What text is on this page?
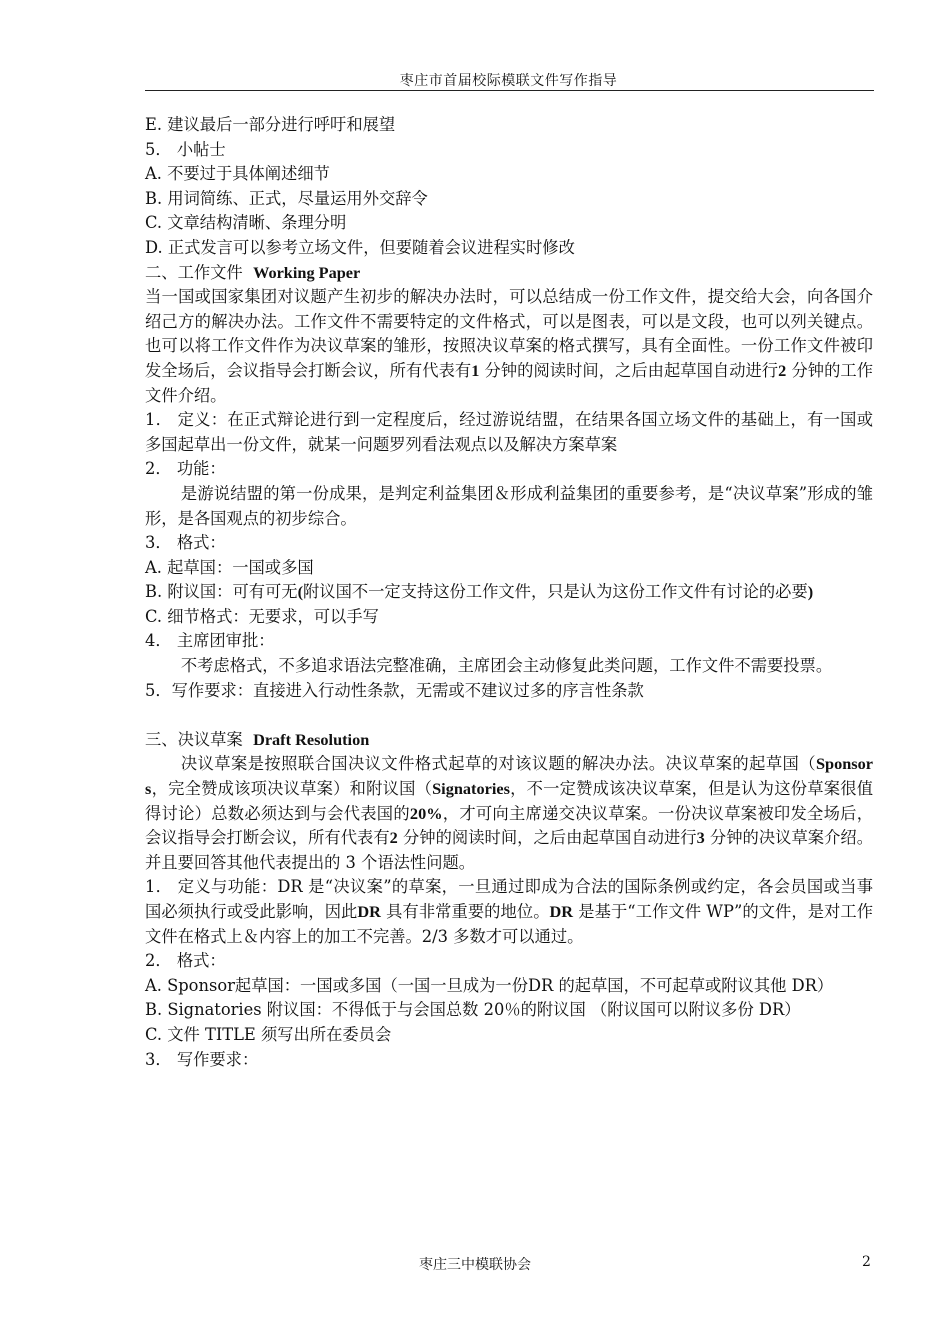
枣庄市首届校际模联文件写作指导

E. 建议最后一部分进行呼吁和展望

5． 小帖士

A. 不要过于具体阐述细节

B. 用词简练、正式，尽量运用外交辞令

C. 文章结构清晰、条理分明

D. 正式发言可以参考立场文件，但要随着会议进程实时修改

二、工作文件 Working Paper

当一国或国家集团对议题产生初步的解决办法时，可以总结成一份工作文件，提交给大会，向各国介绍己方的解决办法。工作文件不需要特定的文件格式，可以是图表，可以是文段，也可以列关键点。也可以将工作文件作为决议草案的雏形，按照决议草案的格式撰写，具有全面性。一份工作文件被印发全场后，会议指导会打断会议，所有代表有1 分钟的阅读时间，之后由起草国自动进行2 分钟的工作文件介绍。

1． 定义：在正式辩论进行到一定程度后，经过游说结盟，在结果各国立场文件的基础上，有一国或多国起草出一份文件，就某一问题罗列看法观点以及解决方案草案

2． 功能：

是游说结盟的第一份成果，是判定利益集团＆形成利益集团的重要参考，是“决议草案”形成的雏形，是各国观点的初步综合。

3． 格式：

A. 起草国：一国或多国

B. 附议国：可有可无(附议国不一定支持这份工作文件，只是认为这份工作文件有讨论的必要)

C. 细节格式：无要求，可以手写

4． 主席团审批：

不考虑格式，不多追求语法完整准确，主席团会主动修复此类问题，工作文件不需要投票。

5．写作要求：直接进入行动性条款，无需或不建议过多的序言性条款

三、决议草案 Draft Resolution

决议草案是按照联合国决议文件格式起草的对该议题的解决办法。决议草案的起草国（Sponsors，完全赞成该项决议草案）和附议国（Signatories，不一定赞成该决议草案，但是认为这份草案很值得讨论）总数必须达到与会代表国的20%，才可向主席递交决议草案。一份决议草案被印发全场后，会议指导会打断会议，所有代表有2 分钟的阅读时间，之后由起草国自动进行3 分钟的决议草案介绍。并且要回答其他代表提出的 3 个语法性问题。

1． 定义与功能：DR 是“决议案”的草案，一旦通过即成为合法的国际条例或约定，各会员国或当事国必须执行或受此影响，因此DR 具有非常重要的地位。DR 是基于“工作文件 WP”的文件，是对工作文件在格式上＆内容上的加工不完善。2/3 多数才可以通过。

2． 格式：

A. Sponsor起草国：一国或多国（一国一旦成为一份DR 的起草国，不可起草或附议其他 DR）

B. Signatories 附议国：不得低于与会国总数 20％的附议国 （附议国可以附议多份 DR）

C. 文件 TITLE 须写出所在委员会

3． 写作要求：

枣庄三中模联协会	2
